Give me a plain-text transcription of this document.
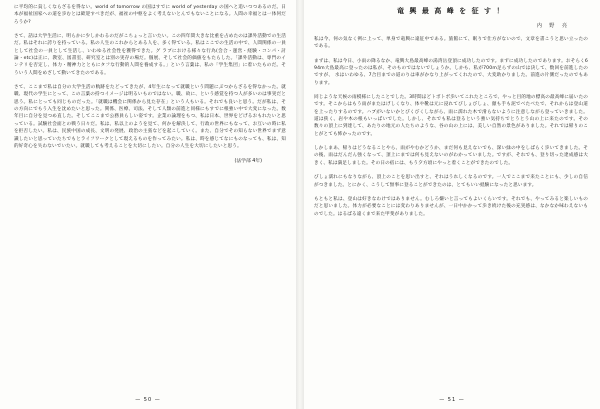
に平均的に貧しくならざるを得ない。world of tomorrow の国はすでに world of yesterday の国へと追いつつあるのだ。日本が福祉国家への道を歩むとは歓迎すべきだが、福祉の中枢をよく考えないとんでもないことになる。人間の幸福とは一体何だろうか?

さて、話は大学生活に、明らかに少しかわるのだがこちょっと言いたい。この四年間大きな比重を占めたのは課外活動での生活だ。私はそれに誇りを持っている。私の人生のこれからとある人を、多く得ている。私はここでの生活の中で、人間関係の一員として社会の一員として生活し、いわゆる社会性を獲得できた。グ ラブにおける様々な行為(会合・運営・経験・コンパ・討論・etc)は正に、教室、図書室、研究室とは別の実存の場だ。個展、そして社会的価値をもたらした。「課外活動は、専門のインテリを否定し、体力・精神力とともにタフな行動的人間を養成する。」という言葉は、私の「学生集団」に着いたものだ。そういう人間をめざして動いてきたのである。

さて、ここまで私は自分の大学生活の軌跡をたどってきたが、4年生になって就職という問題にぶつからざるを得なかった。就職、現代の学生にとって、この言葉の持つイメージは明るいものではない。職、故に、という感覚を持つ人が多いのは事実だと思う。私にとっても同じものだった。「就職は機会に関係から見た存在」という人もいる。それでも良いと思う。だが私は、その方向にでもう入生を沈めたいと思った。関係、医療、司法、そして人類の前進と同様にもすでに根強い中で大変になった。数年目に自分を見つめ直した。そしてここまで公務員らしい姿です。企業の論理をもつ、私は日本、世界をどげるおもれたいと思っている。試験社会面との戦う日々だ。私は、私以上のようを見て、何かを解決して、行政の世界にもなって、お互いの時に私を拒否したい。私は、民族中国の成長、文明の発展、政治の主張などを起こしていく。また、自分でその知らない世界でまず意識したいと思っていたちでもとライフワークとして現えるものを作ってみたい。私は、時を感じてなにものなっても、私は、知的好奇心を失わないでいたい。就職しても考えることを大切にしたい。自分の人生を大切にしたいと思う。

(法学部 4年)
— 50 —
竜 興 最 高 峰 を 征 す ！
内 野 亮

私は今、何の気なく例に上って、単身で竜興に遠征中である。旅館にて、眠りで仕方がないので、文章を書こうと思い立ったのである。

まずは、私は今日、小雨の降るなか、竜興大島最高峰の湯湾岳登頂に成功したのです。まずに成功したのであります。おそらく694m大島最高に登ったのは私が、そのものではないでしょうか。しかも、私が700m足らずの山では決して、数回を前進したのですが、 水はいわゆる、7合目までの道のりは車がかなり上がってくれたので、大変助かりました。前進の片側だったのでもあります。

同じような天候の雨模様にしたことでした。3時間ほどトボトボ歩いてこれたところで、やっと目的地の標高の最高峰に届いたのです。そこからはもう雨がまたはげしくなり、体や靴は元に浸れてびしょびしょ、顔も手も泥でべたべたで、それからは登山道を上ったりするのです。ハブがいないかとびくびくしながら、雨に濡れた木で滑らないように注意しながら登っていきました。道は狭く、岩や木の根もいっぱいでした。しかし、それでも私は登るという強い気持ちでとうとう山の上に来たのです。その数々の頂上に到達して、あたりの地元の人たちのような、谷の山の上には、美しい自然の景色がありました。それでは帰りのことがとても怖かったのです。

しかしまあ、帰りはどうなることやら、雨がやむかどうか、まだ何も見えないでも、深い緑の中をしばらく歩いてきました。その後、雨はだんだん強くなって、頂上にまでは何も見えないのがわかっていました。ですが、それでも、登り切った達成感は大きく、私は満足しました。その日の宿には、もう夕方頃にやっと着くことができたのでした。

びしょ濡れにもなりながら、頂上のことを思い出すと、それはうれしくなるのです。一人でここまで来たことにも、少しの自信がつきました。とにかく、こうして無事に登ることができたのは、とてもいい経験になったと思います。

もともと私は、登山は好きなわけではありません。むしろ嫌いと言ってもよいくらいです。それでも、やってみると楽しいものだと思いました。体力が必要なことには変わりありませんが、一日中かかって歩き続けた後の充実感は、なかなか味わえないものでした。はるばる遠くまで来た甲斐がありました。

— 51 —
